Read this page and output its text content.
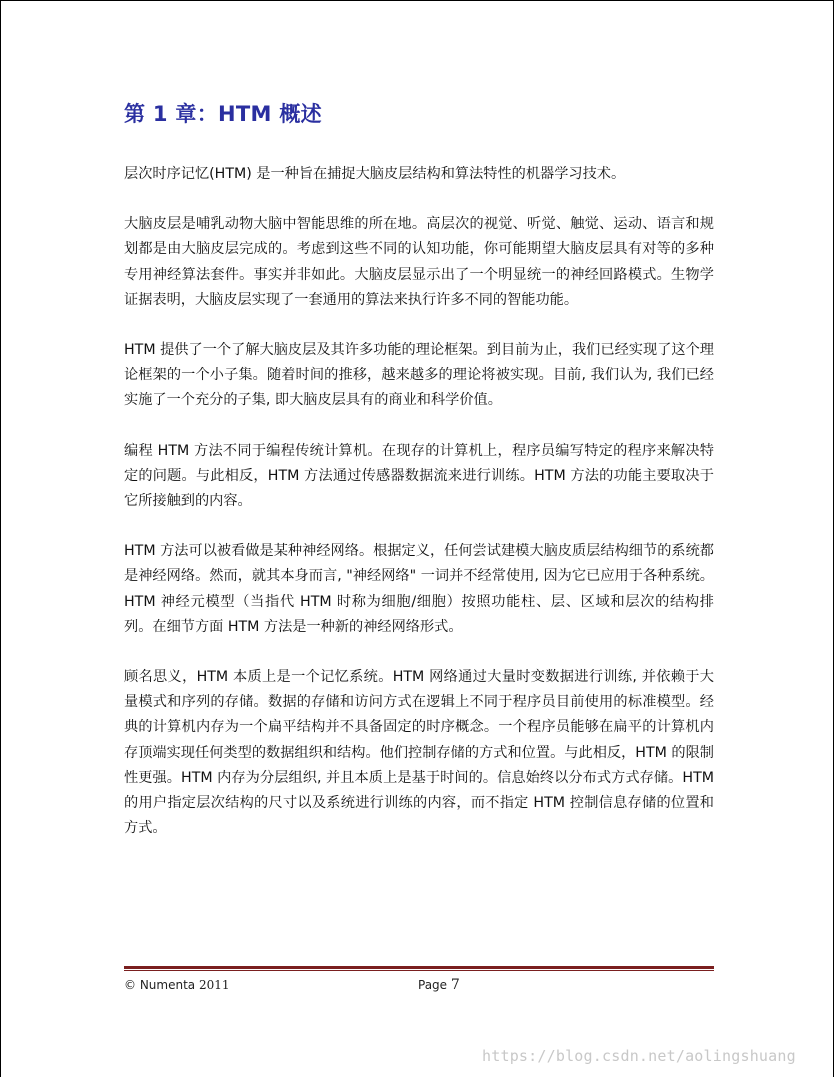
第 1 章：HTM 概述

层次时序记忆(HTM) 是一种旨在捕捉大脑皮层结构和算法特性的机器学习技术。

大脑皮层是哺乳动物大脑中智能思维的所在地。高层次的视觉、听觉、触觉、运动、语言和规划都是由大脑皮层完成的。考虑到这些不同的认知功能，你可能期望大脑皮层具有对等的多种专用神经算法套件。事实并非如此。大脑皮层显示出了一个明显统一的神经回路模式。生物学证据表明，大脑皮层实现了一套通用的算法来执行许多不同的智能功能。

HTM 提供了一个了解大脑皮层及其许多功能的理论框架。到目前为止，我们已经实现了这个理论框架的一个小子集。随着时间的推移，越来越多的理论将被实现。目前, 我们认为, 我们已经实施了一个充分的子集, 即大脑皮层具有的商业和科学价值。

编程 HTM 方法不同于编程传统计算机。在现存的计算机上，程序员编写特定的程序来解决特定的问题。与此相反，HTM 方法通过传感器数据流来进行训练。HTM 方法的功能主要取决于它所接触到的内容。

HTM 方法可以被看做是某种神经网络。根据定义，任何尝试建模大脑皮质层结构细节的系统都是神经网络。然而，就其本身而言, "神经网络" 一词并不经常使用, 因为它已应用于各种系统。HTM 神经元模型（当指代 HTM 时称为细胞/细胞）按照功能柱、层、区域和层次的结构排列。在细节方面 HTM 方法是一种新的神经网络形式。

顾名思义，HTM 本质上是一个记忆系统。HTM 网络通过大量时变数据进行训练, 并依赖于大量模式和序列的存储。数据的存储和访问方式在逻辑上不同于程序员目前使用的标准模型。经典的计算机内存为一个扁平结构并不具备固定的时序概念。一个程序员能够在扁平的计算机内存顶端实现任何类型的数据组织和结构。他们控制存储的方式和位置。与此相反，HTM 的限制性更强。HTM 内存为分层组织, 并且本质上是基于时间的。信息始终以分布式方式存储。HTM 的用户指定层次结构的尺寸以及系统进行训练的内容，而不指定 HTM 控制信息存储的位置和方式。

© Numenta 2011	Page 7
https://blog.csdn.net/aolingshuang
